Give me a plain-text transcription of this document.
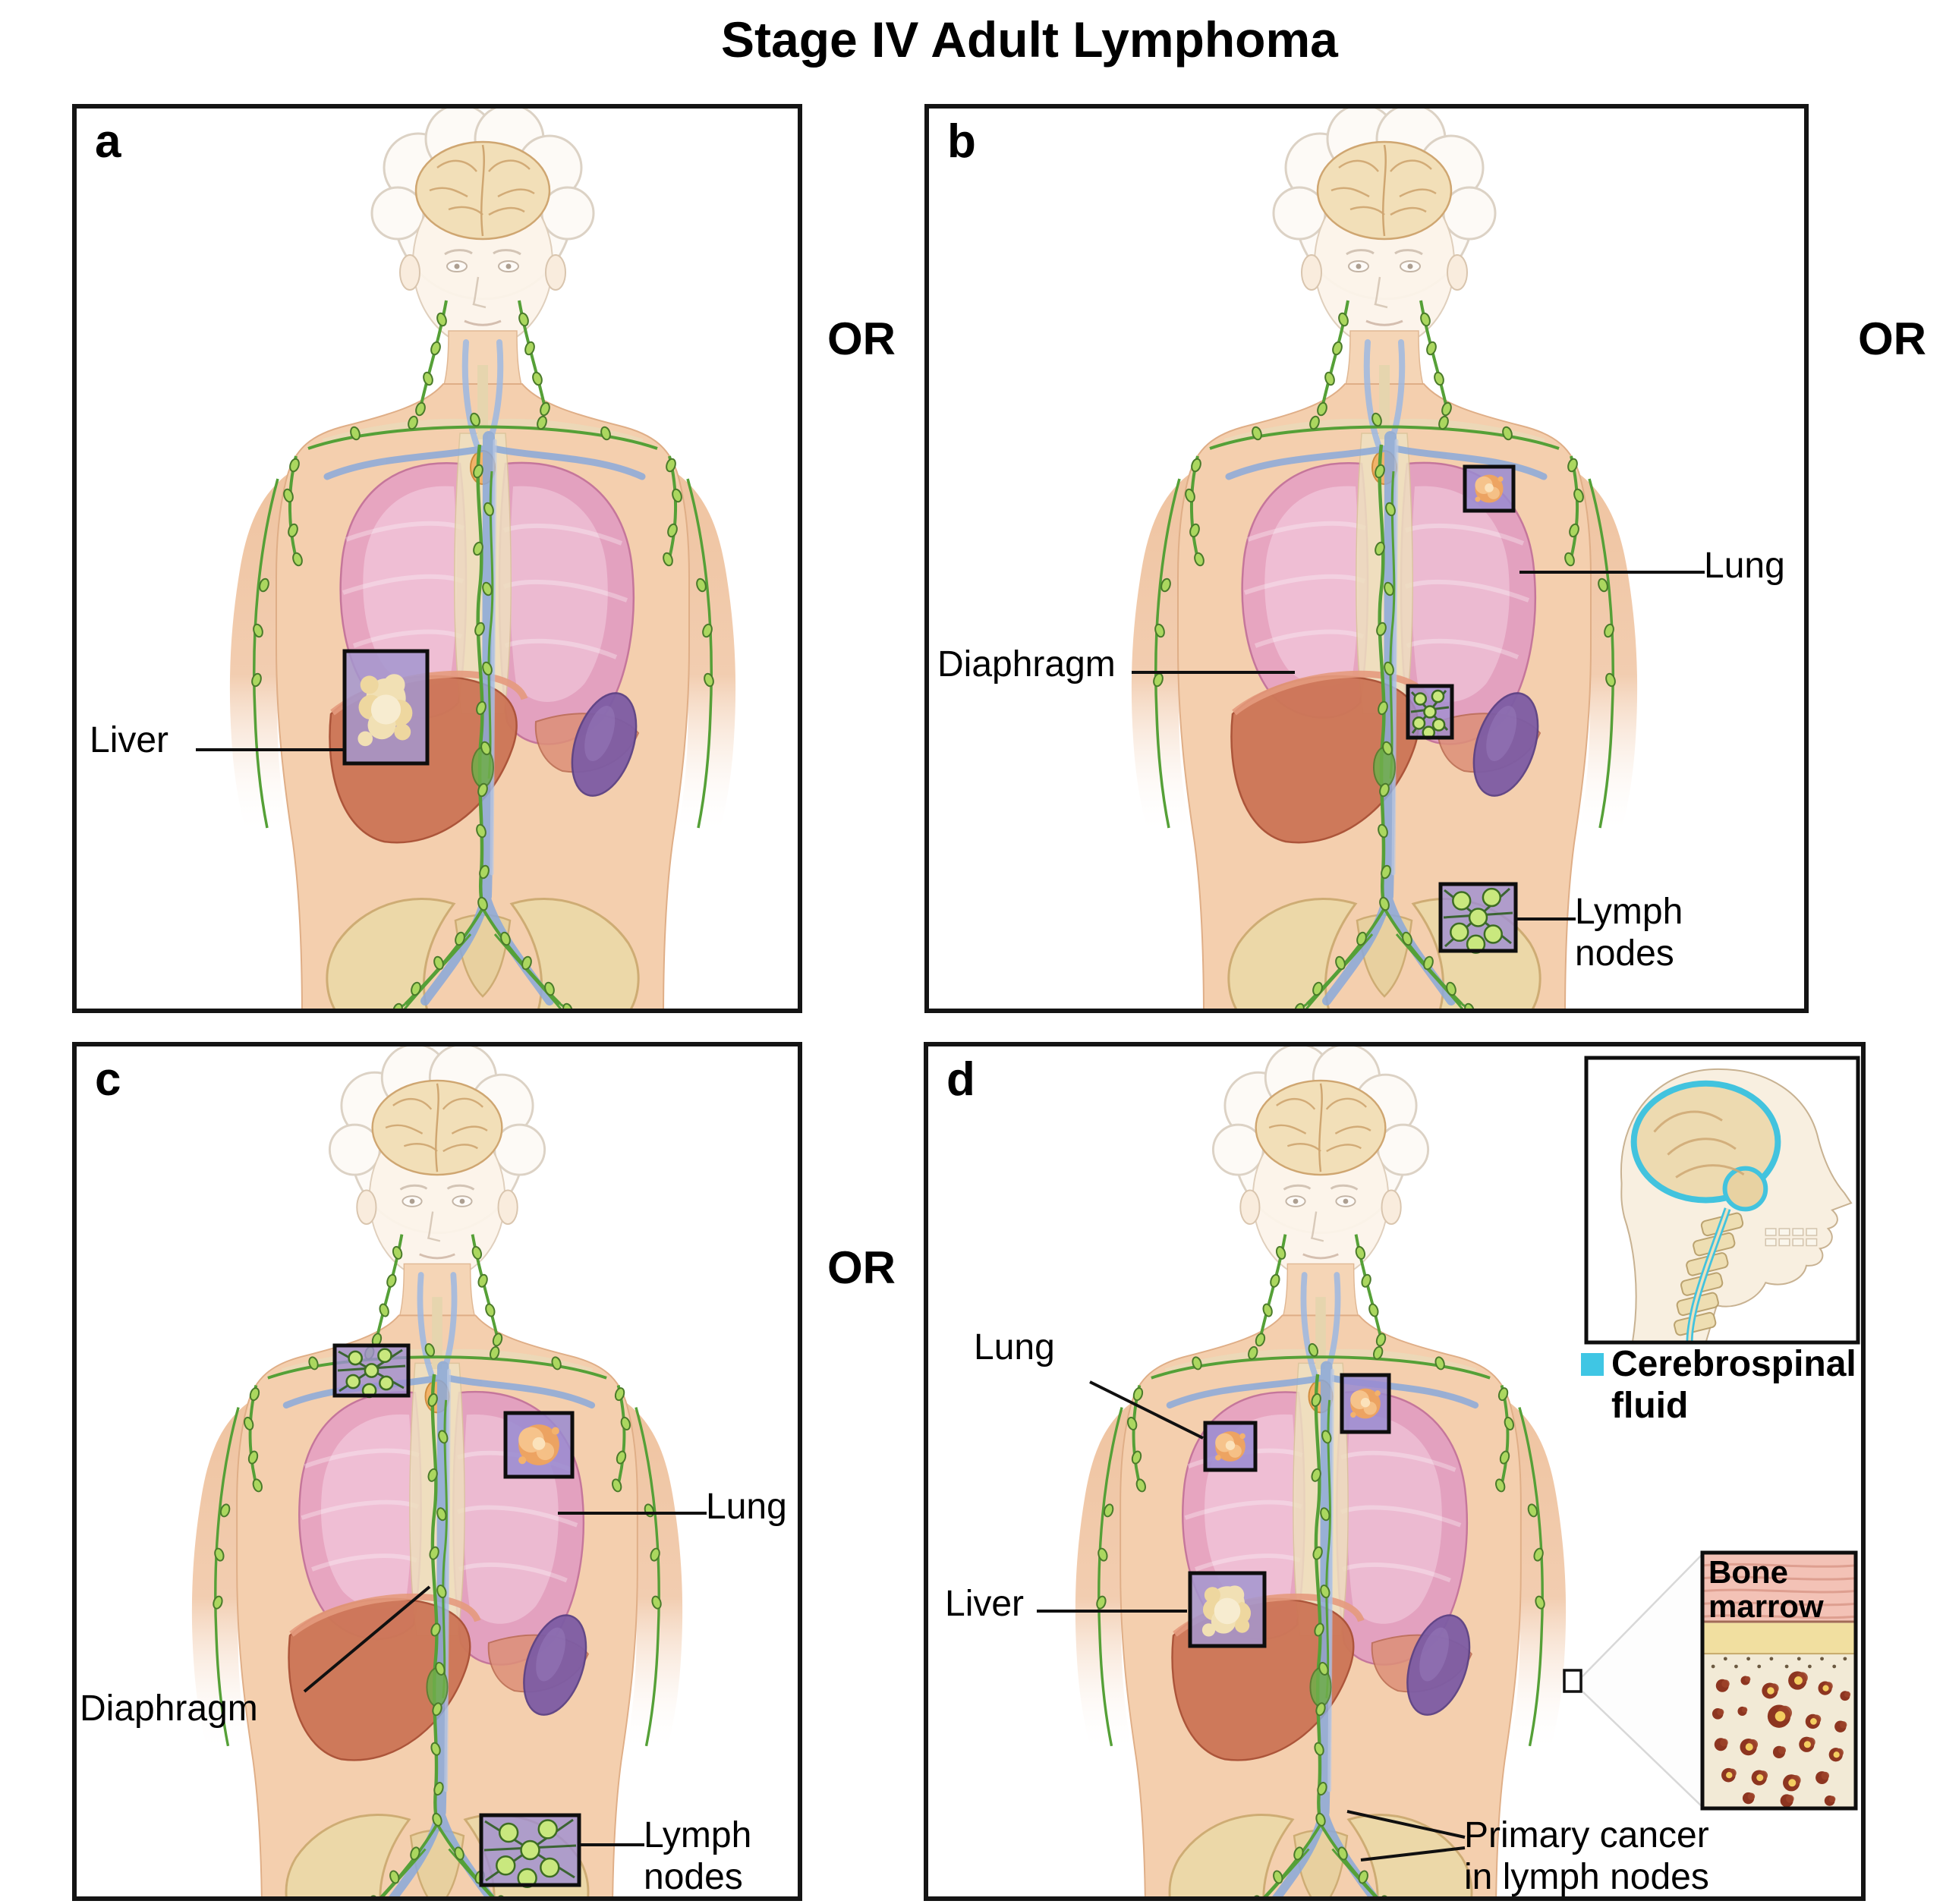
Stage IV Adult Lymphoma
OR	OR
OR
a
Liver
b
Lung
Diaphragm
Lymph nodes
c
Lung
Diaphragm
Lymph nodes
d
Lung
Liver
Primary cancer in lymph nodes
Cerebrospinal fluid
Bone marrow
